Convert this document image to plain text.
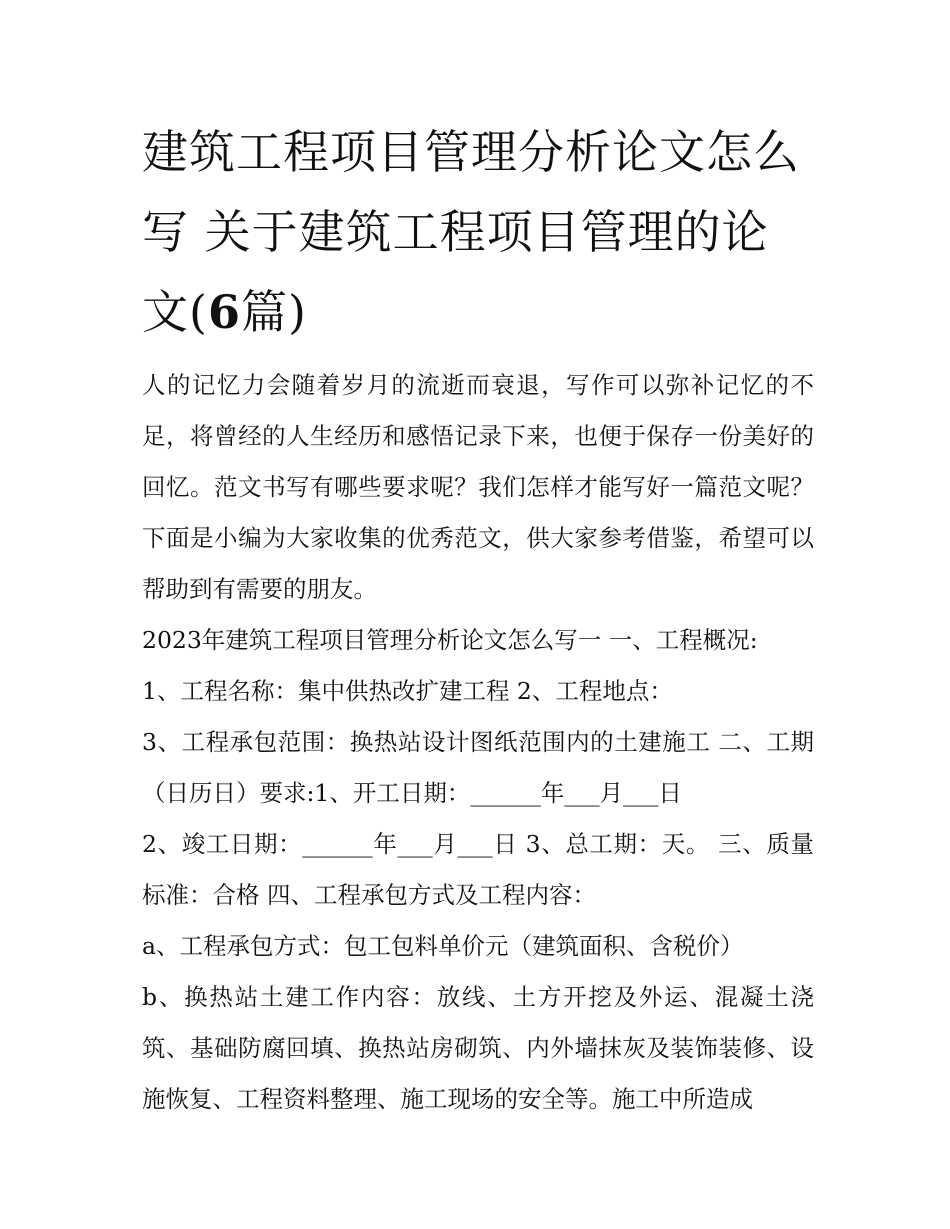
建筑工程项目管理分析论文怎么写 关于建筑工程项目管理的论文(6篇)

人的记忆力会随着岁月的流逝而衰退，写作可以弥补记忆的不足，将曾经的人生经历和感悟记录下来，也便于保存一份美好的回忆。范文书写有哪些要求呢？我们怎样才能写好一篇范文呢？下面是小编为大家收集的优秀范文，供大家参考借鉴，希望可以帮助到有需要的朋友。

2023年建筑工程项目管理分析论文怎么写一 一、工程概况:

1、工程名称：集中供热改扩建工程 2、工程地点：

3、工程承包范围：换热站设计图纸范围内的土建施工 二、工期（日历日）要求:1、开工日期：______年___月___日

2、竣工日期：______年___月___日 3、总工期：天。 三、质量标准：合格 四、工程承包方式及工程内容：

a、工程承包方式：包工包料单价元（建筑面积、含税价）

b、换热站土建工作内容：放线、土方开挖及外运、混凝土浇筑、基础防腐回填、换热站房砌筑、内外墙抹灰及装饰装修、设施恢复、工程资料整理、施工现场的安全等。施工中所造成
